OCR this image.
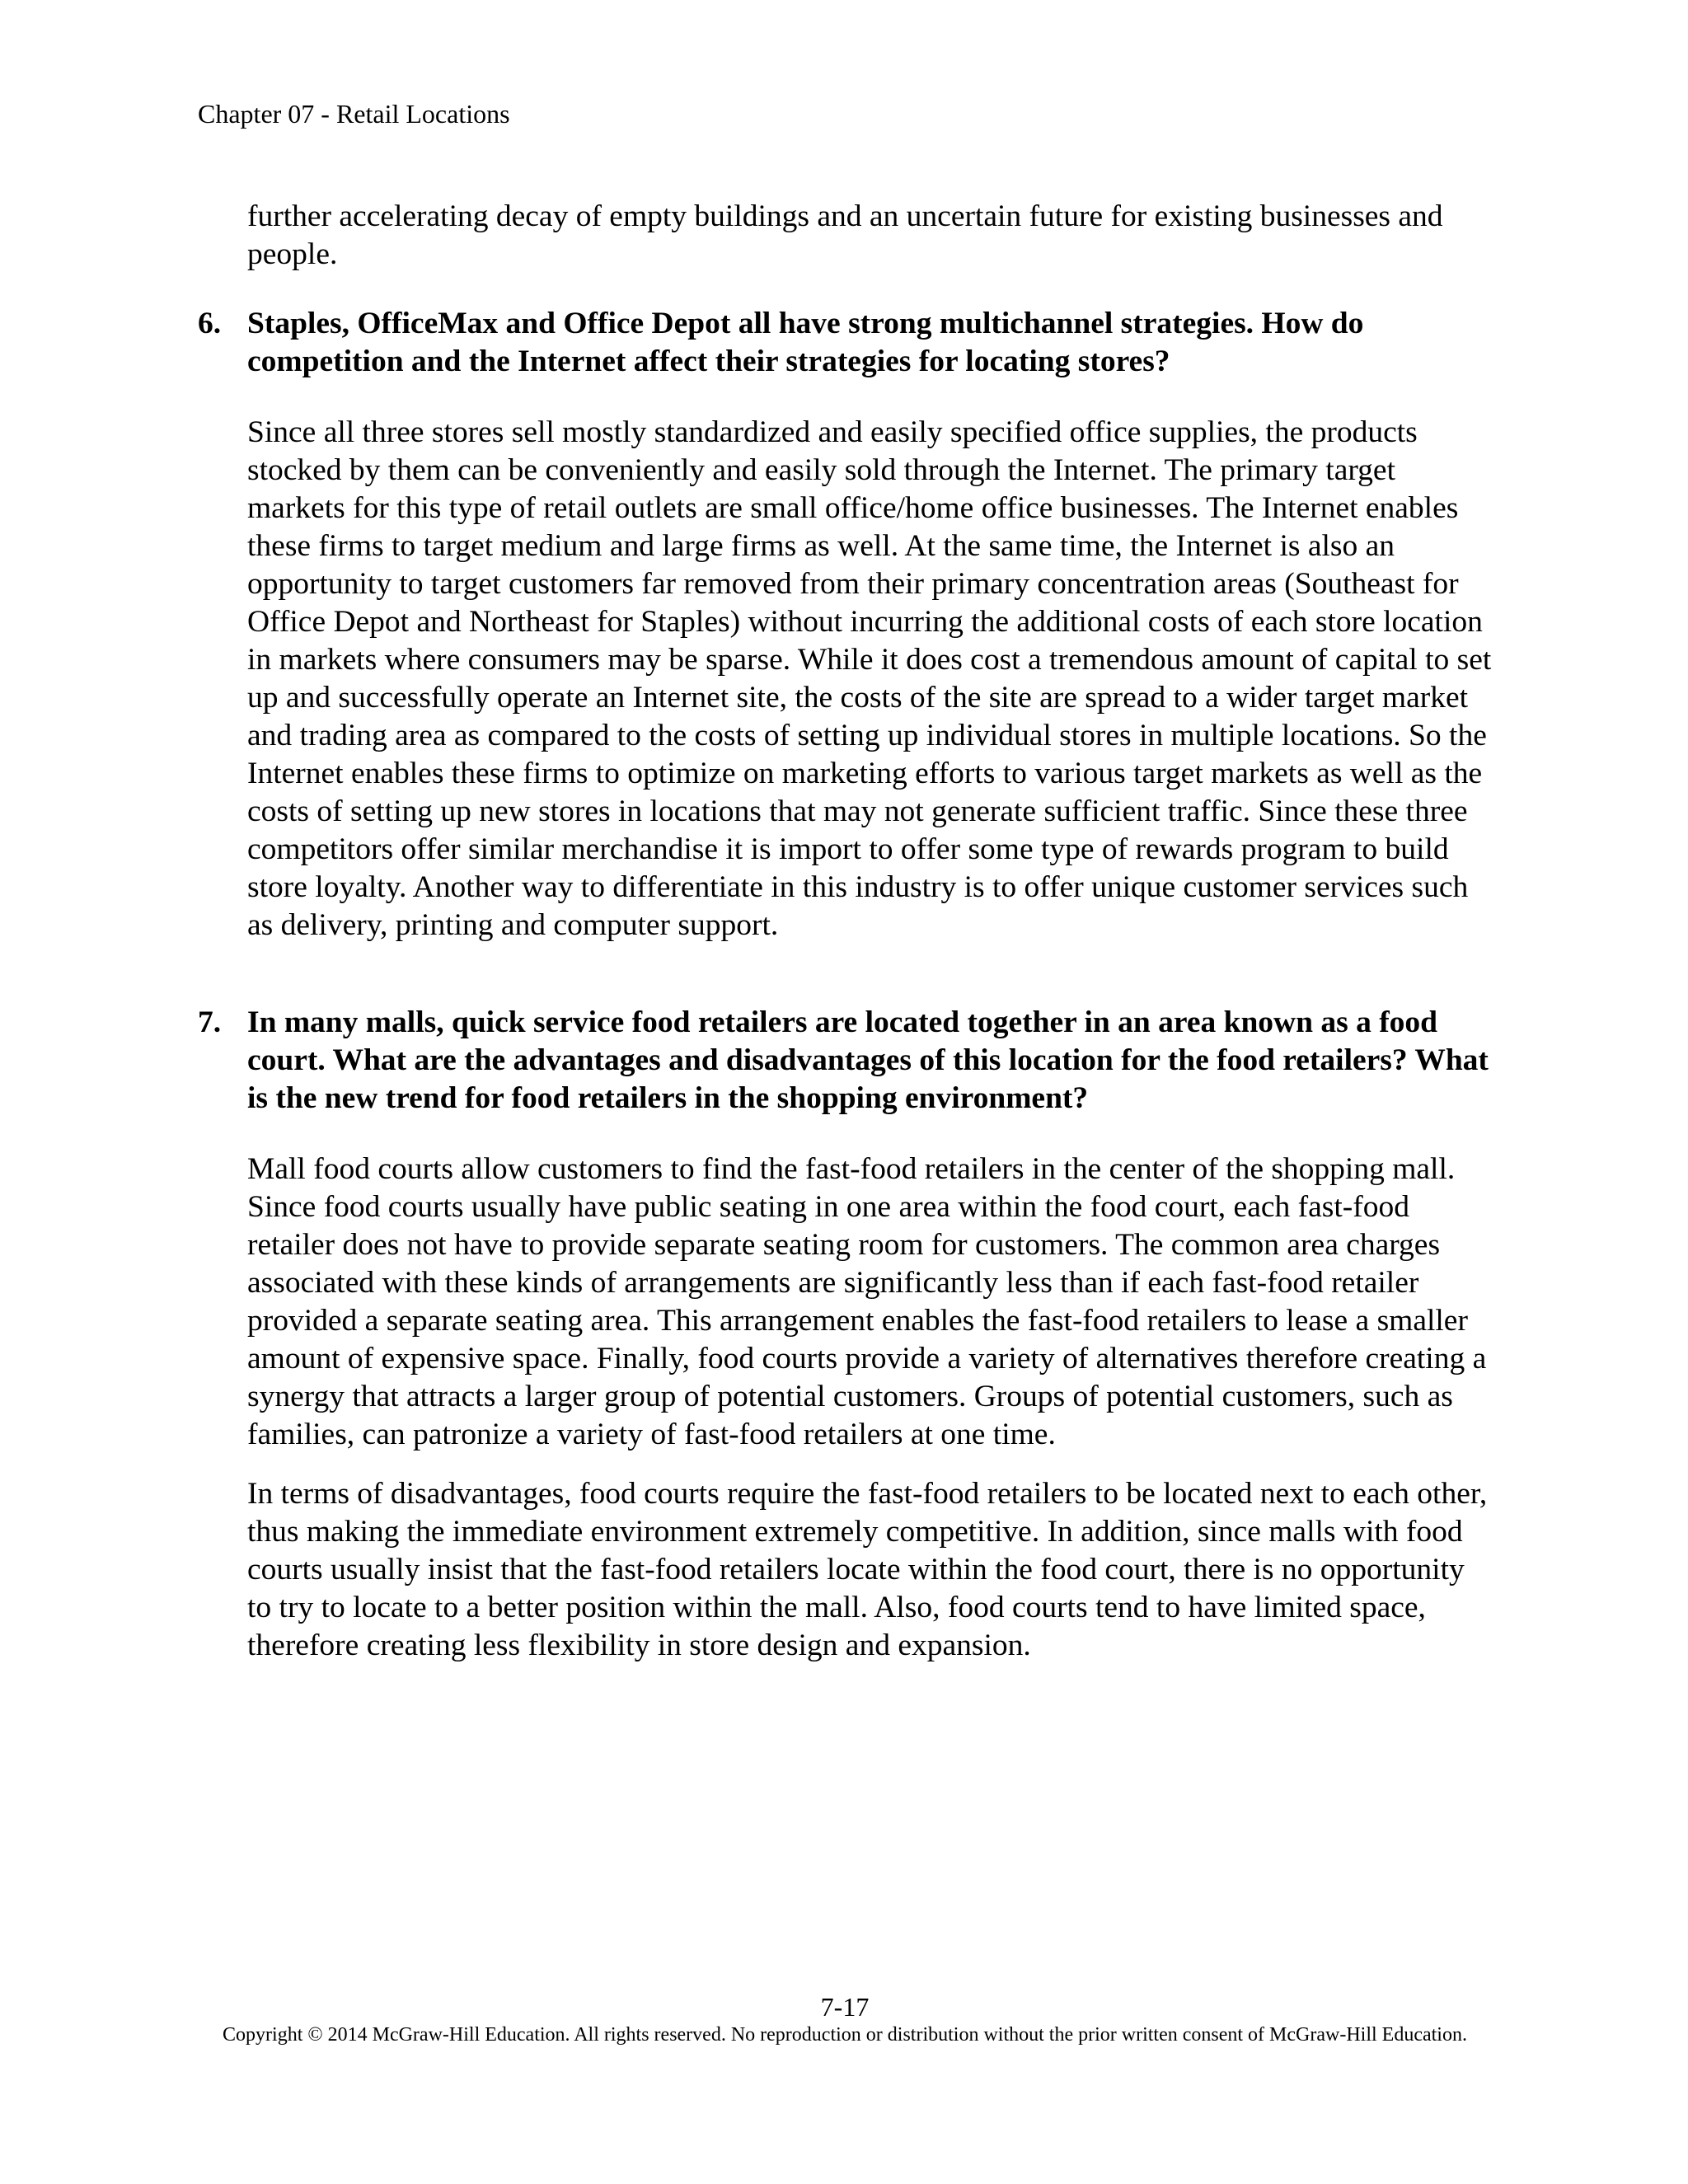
Chapter 07 - Retail Locations

further accelerating decay of empty buildings and an uncertain future for existing businesses and people.

6. Staples, OfficeMax and Office Depot all have strong multichannel strategies. How do competition and the Internet affect their strategies for locating stores?

Since all three stores sell mostly standardized and easily specified office supplies, the products stocked by them can be conveniently and easily sold through the Internet. The primary target markets for this type of retail outlets are small office/home office businesses. The Internet enables these firms to target medium and large firms as well. At the same time, the Internet is also an opportunity to target customers far removed from their primary concentration areas (Southeast for Office Depot and Northeast for Staples) without incurring the additional costs of each store location in markets where consumers may be sparse. While it does cost a tremendous amount of capital to set up and successfully operate an Internet site, the costs of the site are spread to a wider target market and trading area as compared to the costs of setting up individual stores in multiple locations. So the Internet enables these firms to optimize on marketing efforts to various target markets as well as the costs of setting up new stores in locations that may not generate sufficient traffic. Since these three competitors offer similar merchandise it is import to offer some type of rewards program to build store loyalty. Another way to differentiate in this industry is to offer unique customer services such as delivery, printing and computer support.

7. In many malls, quick service food retailers are located together in an area known as a food court. What are the advantages and disadvantages of this location for the food retailers? What is the new trend for food retailers in the shopping environment?

Mall food courts allow customers to find the fast-food retailers in the center of the shopping mall. Since food courts usually have public seating in one area within the food court, each fast-food retailer does not have to provide separate seating room for customers. The common area charges associated with these kinds of arrangements are significantly less than if each fast-food retailer provided a separate seating area. This arrangement enables the fast-food retailers to lease a smaller amount of expensive space. Finally, food courts provide a variety of alternatives therefore creating a synergy that attracts a larger group of potential customers. Groups of potential customers, such as families, can patronize a variety of fast-food retailers at one time.

In terms of disadvantages, food courts require the fast-food retailers to be located next to each other, thus making the immediate environment extremely competitive. In addition, since malls with food courts usually insist that the fast-food retailers locate within the food court, there is no opportunity to try to locate to a better position within the mall. Also, food courts tend to have limited space, therefore creating less flexibility in store design and expansion.

7-17
Copyright © 2014 McGraw-Hill Education. All rights reserved. No reproduction or distribution without the prior written consent of McGraw-Hill Education.
